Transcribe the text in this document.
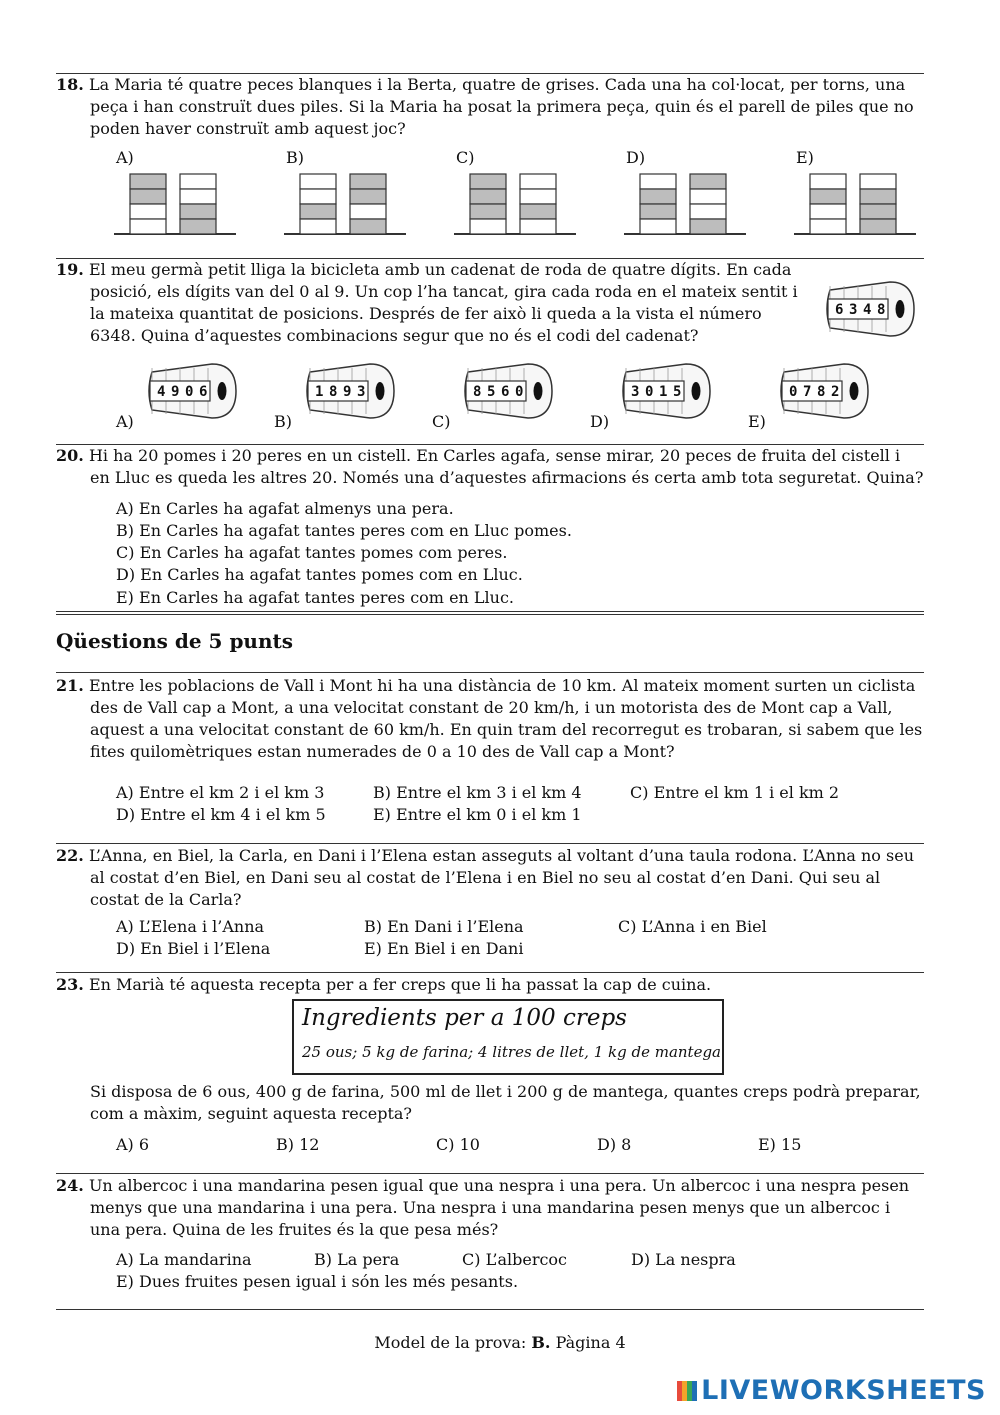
18. La Maria té quatre peces blanques i la Berta, quatre de grises. Cada una ha col·locat, per torns, una peça i han construït dues piles. Si la Maria ha posat la primera peça, quin és el parell de piles que no poden haver construït amb aquest joc?
A)	B)	C)	D)	E)
19. El meu germà petit lliga la bicicleta amb un cadenat de roda de quatre dígits. En cada posició, els dígits van del 0 al 9. Un cop l’ha tancat, gira cada roda en el mateix sentit i la mateixa quantitat de posicions. Després de fer això li queda a la vista el número 6348. Quina d’aquestes combinacions segur que no és el codi del cadenat?
6 3 4 8
A)
4 9 0 6
B)
1 8 9 3
C)
8 5 6 0
D)
3 0 1 5
E)
0 7 8 2
20. Hi ha 20 pomes i 20 peres en un cistell. En Carles agafa, sense mirar, 20 peces de fruita del cistell i en Lluc es queda les altres 20. Només una d’aquestes afirmacions és certa amb tota seguretat. Quina?
A) En Carles ha agafat almenys una pera.
B) En Carles ha agafat tantes peres com en Lluc pomes.
C) En Carles ha agafat tantes pomes com peres.
D) En Carles ha agafat tantes pomes com en Lluc.
E) En Carles ha agafat tantes peres com en Lluc.
Qüestions de 5 punts
21. Entre les poblacions de Vall i Mont hi ha una distància de 10 km. Al mateix moment surten un ciclista des de Vall cap a Mont, a una velocitat constant de 20 km/h, i un motorista des de Mont cap a Vall, aquest a una velocitat constant de 60 km/h. En quin tram del recorregut es trobaran, si sabem que les fites quilomètriques estan numerades de 0 a 10 des de Vall cap a Mont?
A) Entre el km 2 i el km 3	B) Entre el km 3 i el km 4	C) Entre el km 1 i el km 2
D) Entre el km 4 i el km 5	E) Entre el km 0 i el km 1
22. L’Anna, en Biel, la Carla, en Dani i l’Elena estan asseguts al voltant d’una taula rodona. L’Anna no seu al costat d’en Biel, en Dani seu al costat de l’Elena i en Biel no seu al costat d’en Dani. Qui seu al costat de la Carla?
A) L’Elena i l’Anna	B) En Dani i l’Elena	C) L’Anna i en Biel
D) En Biel i l’Elena	E) En Biel i en Dani
23. En Marià té aquesta recepta per a fer creps que li ha passat la cap de cuina.
Ingredients per a 100 creps
25 ous; 5 kg de farina; 4 litres de llet, 1 kg de mantega
Si disposa de 6 ous, 400 g de farina, 500 ml de llet i 200 g de mantega, quantes creps podrà preparar, com a màxim, seguint aquesta recepta?
A) 6	B) 12	C) 10	D) 8	E) 15
24. Un albercoc i una mandarina pesen igual que una nespra i una pera. Un albercoc i una nespra pesen menys que una mandarina i una pera. Una nespra i una mandarina pesen menys que un albercoc i una pera. Quina de les fruites és la que pesa més?
A) La mandarina	B) La pera	C) L’albercoc	D) La nespra
E) Dues fruites pesen igual i són les més pesants.
Model de la prova: B. Pàgina 4
LIVEWORKSHEETS
